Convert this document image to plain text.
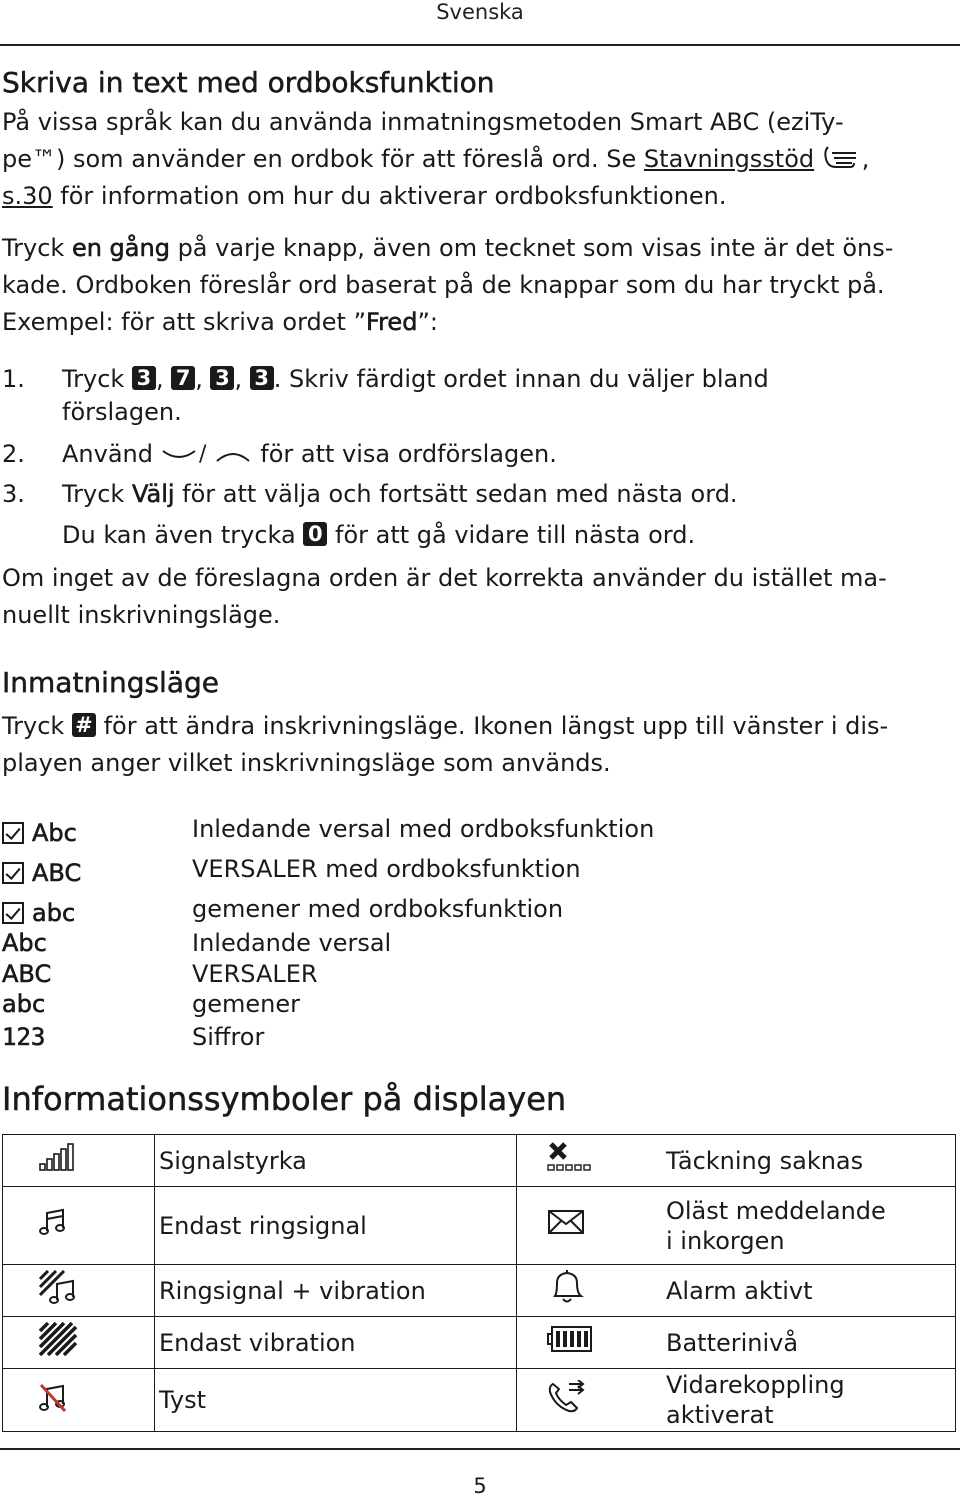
Svenska
Skriva in text med ordboksfunktion
På vissa språk kan du använda inmatningsmetoden Smart ABC (eziTy-
pe™) som använder en ordbok för att föreslå ord. Se Stavningsstöd ,
s.30 för information om hur du aktiverar ordboksfunktionen.
Tryck en gång på varje knapp, även om tecknet som visas inte är det öns-
kade. Ordboken föreslår ord baserat på de knappar som du har tryckt på.
Exempel: för att skriva ordet ”Fred”:
1. Tryck 3 , 7 , 3 , 3 . Skriv färdigt ordet innan du väljer bland
förslagen.
2. Använd / för att visa ordförslagen.
3. Tryck Välj för att välja och fortsätt sedan med nästa ord.
Du kan även trycka 0 för att gå vidare till nästa ord.
Om inget av de föreslagna orden är det korrekta använder du istället ma-
nuellt inskrivningsläge.
Inmatningsläge
Tryck # för att ändra inskrivningsläge. Ikonen längst upp till vänster i dis-
playen anger vilket inskrivningsläge som används.
Abc	Inledande versal med ordboksfunktion
ABC	VERSALER med ordboksfunktion
abc	gemener med ordboksfunktion
Abc	Inledande versal
ABC	VERSALER
abc	gemener
123	Siffror
Informationssymboler på displayen
	Signalstyrka		Täckning saknas
	Endast ringsignal		Oläst meddelande i inkorgen
	Ringsignal + vibration		Alarm aktivt
	Endast vibration		Batterinivå
	Tyst		Vidarekoppling aktiverat
5
